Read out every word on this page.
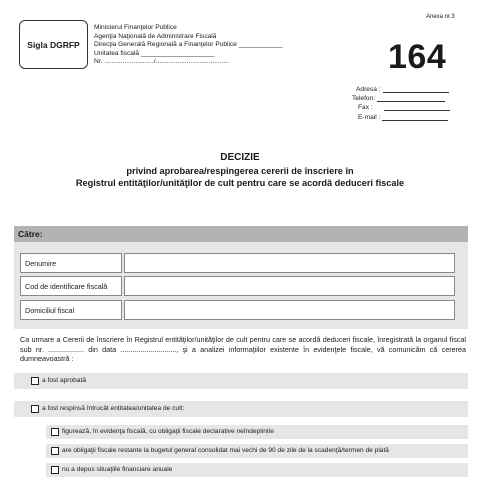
Sigla DGRFP
Ministerul Finanţelor Publice
Agenţia Naţională de Administrare Fiscală
Direcţia Generală Regională a Finanţelor Publice ____________
Unitatea fiscală ____________________
Nr. .........................../........................................
Anexa nr.3
164
Adresa :
Telefon:
Fax :
E-mail :
DECIZIE
privind aprobarea/respingerea cererii de înscriere în
Registrul entităţilor/unităţilor de cult pentru care se acordă deduceri fiscale
Către:
Denumire
Cod de identificare fiscală
Domiciliul fiscal
Ca urmare a Cererii de înscriere în Registrul entităţilor/unităţilor de cult pentru care se acordă deduceri fiscale, înregistrată la organul fiscal sub nr. .................. din data ............................, şi a analizei informaţiilor existente în evidenţele fiscale, vă comunicăm că cererea dumneavoastră :
a fost aprobată
a fost respinsă întrucât entitatea/unitatea de cult:
figurează, în evidenţa fiscală, cu obligaţii fiscale declarative neîndeplinite
are obligaţii fiscale restante la bugetul general consolidat mai vechi de 90 de zile de la scadenţă/termen de plată
nu a depus situaţiile financiare anuale
